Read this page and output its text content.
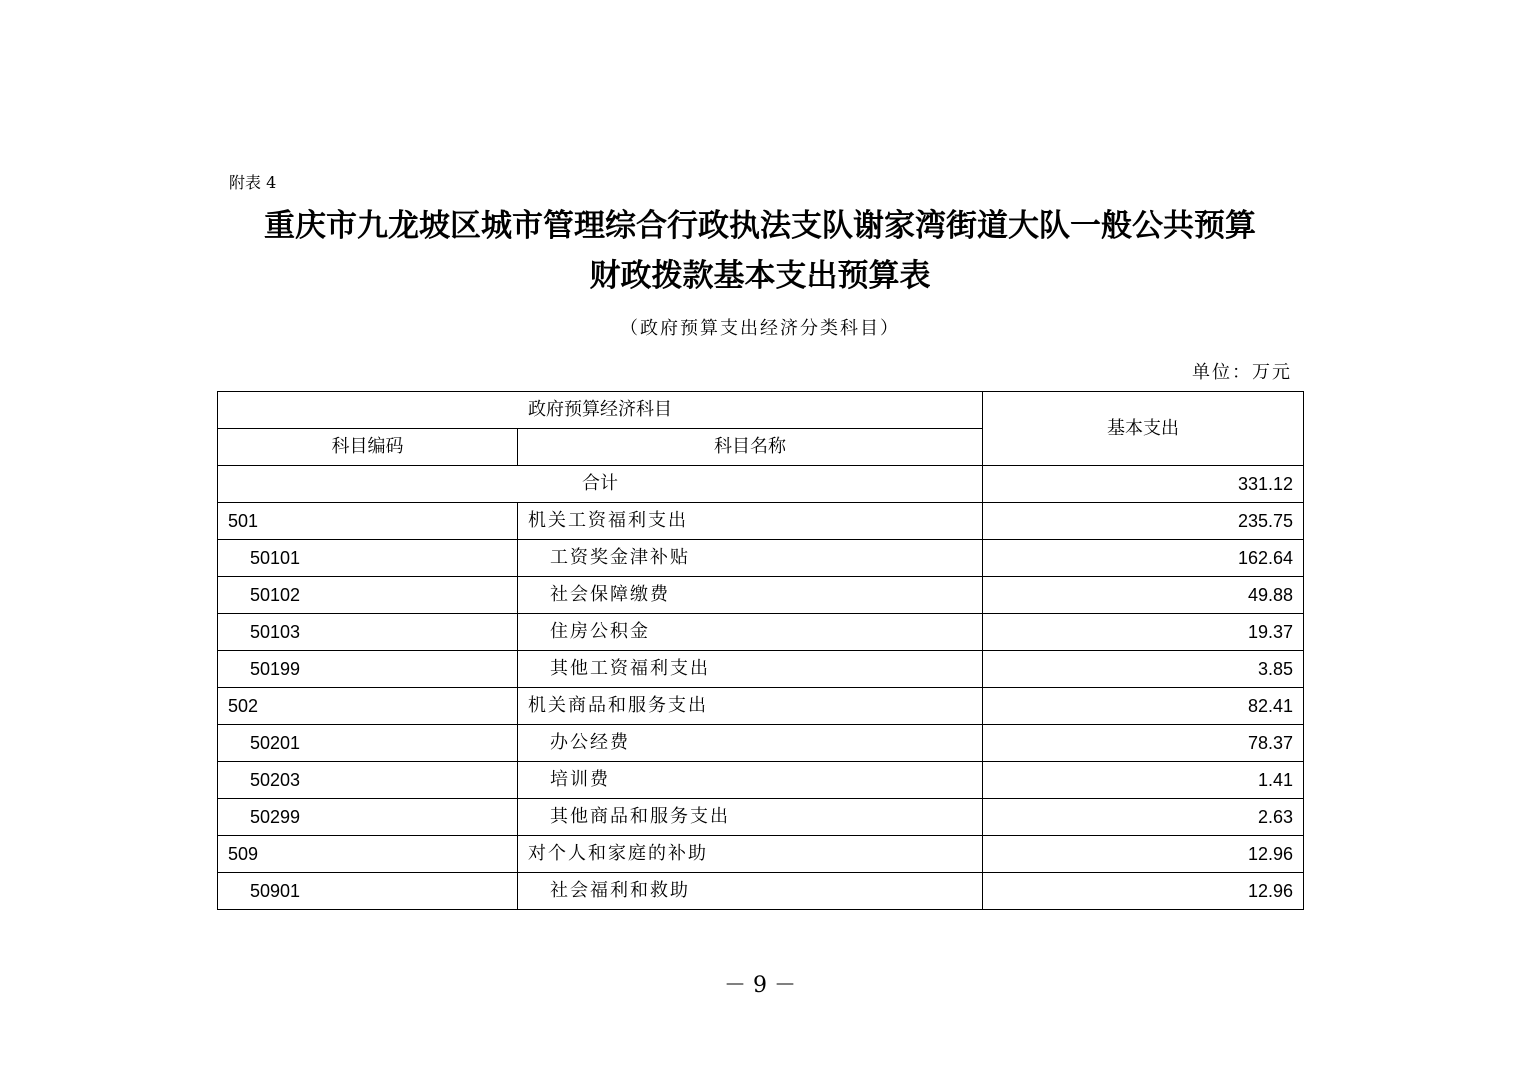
附表 4
重庆市九龙坡区城市管理综合行政执法支队谢家湾街道大队一般公共预算
财政拨款基本支出预算表
（政府预算支出经济分类科目）
单位：万元
政府预算经济科目		基本支出
科目编码	科目名称	
合计		331.12
501	机关工资福利支出	235.75
50101	工资奖金津补贴	162.64
50102	社会保障缴费	49.88
50103	住房公积金	19.37
50199	其他工资福利支出	3.85
502	机关商品和服务支出	82.41
50201	办公经费	78.37
50203	培训费	1.41
50299	其他商品和服务支出	2.63
509	对个人和家庭的补助	12.96
50901	社会福利和救助	12.96
－ 9 －
